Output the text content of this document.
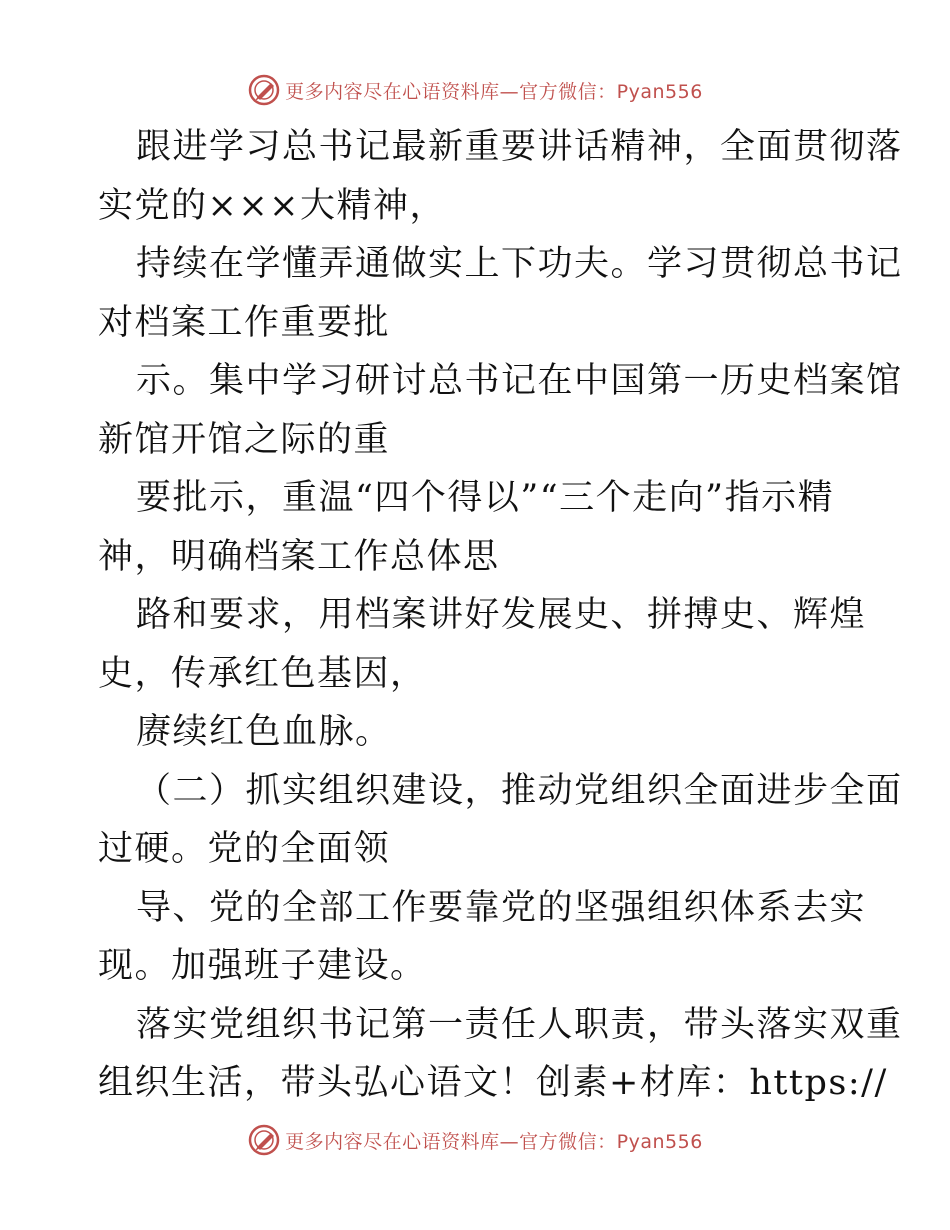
更多内容尽在心语资料库—官方微信：Pyan556
跟进学习总书记最新重要讲话精神，全面贯彻落
实党的×××大精神，
持续在学懂弄通做实上下功夫。学习贯彻总书记
对档案工作重要批
示。集中学习研讨总书记在中国第一历史档案馆
新馆开馆之际的重
要批示，重温“四个得以”“三个走向”指示精
神，明确档案工作总体思
路和要求，用档案讲好发展史、拼搏史、辉煌
史，传承红色基因，
赓续红色血脉。
（二）抓实组织建设，推动党组织全面进步全面
过硬。党的全面领
导、党的全部工作要靠党的坚强组织体系去实
现。加强班子建设。
落实党组织书记第一责任人职责，带头落实双重
组织生活，带头弘心语文！创素+材库：https://
更多内容尽在心语资料库—官方微信：Pyan556
